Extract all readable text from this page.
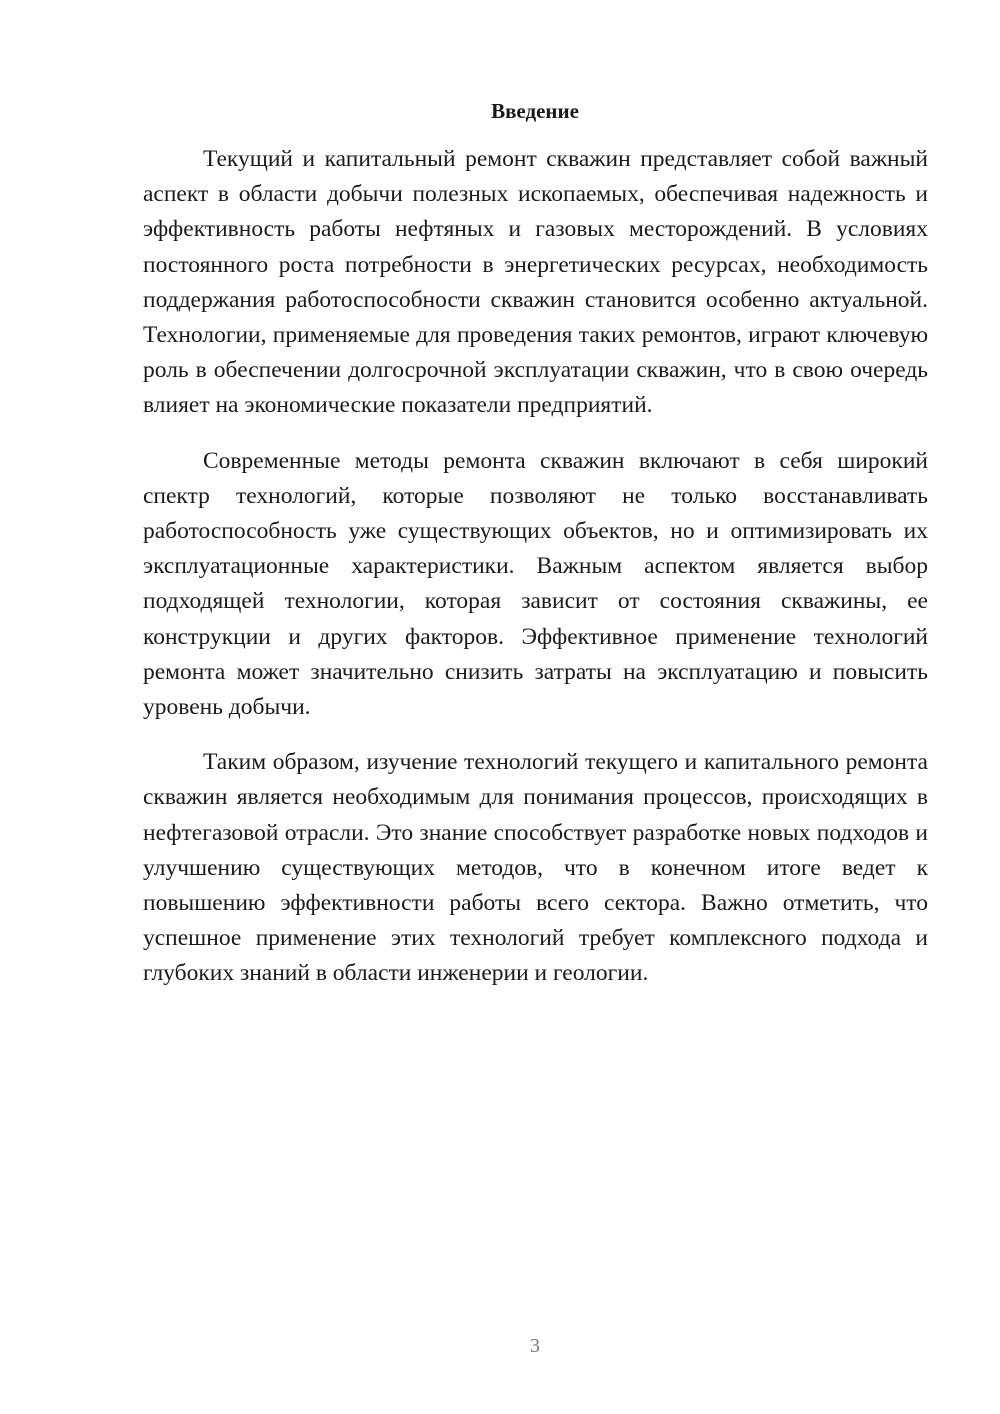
Введение

Текущий и капитальный ремонт скважин представляет собой важный аспект в области добычи полезных ископаемых, обеспечивая надежность и эффективность работы нефтяных и газовых месторождений. В условиях постоянного роста потребности в энергетических ресурсах, необходимость поддержания работоспособности скважин становится особенно актуальной. Технологии, применяемые для проведения таких ремонтов, играют ключевую роль в обеспечении долгосрочной эксплуатации скважин, что в свою очередь влияет на экономические показатели предприятий.

Современные методы ремонта скважин включают в себя широкий спектр технологий, которые позволяют не только восстанавливать работоспособность уже существующих объектов, но и оптимизировать их эксплуатационные характеристики. Важным аспектом является выбор подходящей технологии, которая зависит от состояния скважины, ее конструкции и других факторов. Эффективное применение технологий ремонта может значительно снизить затраты на эксплуатацию и повысить уровень добычи.

Таким образом, изучение технологий текущего и капитального ремонта скважин является необходимым для понимания процессов, происходящих в нефтегазовой отрасли. Это знание способствует разработке новых подходов и улучшению существующих методов, что в конечном итоге ведет к повышению эффективности работы всего сектора. Важно отметить, что успешное применение этих технологий требует комплексного подхода и глубоких знаний в области инженерии и геологии.

3
